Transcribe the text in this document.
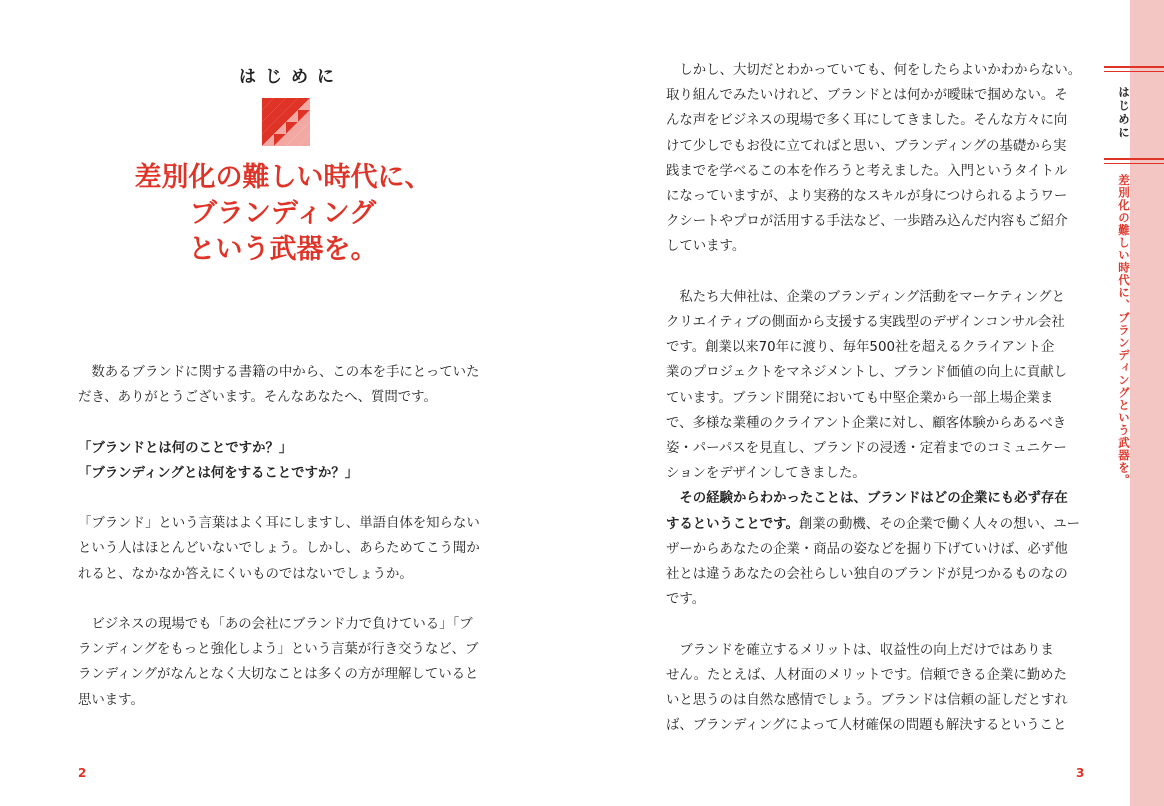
はじめに
差別化の難しい時代に、
ブランディング
という武器を。

　数あるブランドに関する書籍の中から、この本を手にとっていた

だき、ありがとうございます。そんなあなたへ、質問です。

「ブランドとは何のことですか？」

「ブランディングとは何をすることですか？」

「ブランド」という言葉はよく耳にしますし、単語自体を知らない

という人はほとんどいないでしょう。しかし、あらためてこう聞か

れると、なかなか答えにくいものではないでしょうか。

　ビジネスの現場でも「あの会社にブランド力で負けている」「ブ

ランディングをもっと強化しよう」という言葉が行き交うなど、ブ

ランディングがなんとなく大切なことは多くの方が理解していると

思います。

2

　しかし、大切だとわかっていても、何をしたらよいかわからない。

取り組んでみたいけれど、ブランドとは何かが曖昧で掴めない。そ

んな声をビジネスの現場で多く耳にしてきました。そんな方々に向

けて少しでもお役に立てればと思い、ブランディングの基礎から実

践までを学べるこの本を作ろうと考えました。入門というタイトル

になっていますが、より実務的なスキルが身につけられるようワー

クシートやプロが活用する手法など、一歩踏み込んだ内容もご紹介

しています。

　私たち大伸社は、企業のブランディング活動をマーケティングと

クリエイティブの側面から支援する実践型のデザインコンサル会社

です。創業以来70年に渡り、毎年500社を超えるクライアント企

業のプロジェクトをマネジメントし、ブランド価値の向上に貢献し

ています。ブランド開発においても中堅企業から一部上場企業ま

で、多様な業種のクライアント企業に対し、顧客体験からあるべき

姿・パーパスを見直し、ブランドの浸透・定着までのコミュニケー

ションをデザインしてきました。

　その経験からわかったことは、ブランドはどの企業にも必ず存在

するということです。創業の動機、その企業で働く人々の想い、ユー

ザーからあなたの企業・商品の姿などを掘り下げていけば、必ず他

社とは違うあなたの会社らしい独自のブランドが見つかるものなの

です。

　ブランドを確立するメリットは、収益性の向上だけではありま

せん。たとえば、人材面のメリットです。信頼できる企業に勤めた

いと思うのは自然な感情でしょう。ブランドは信頼の証しだとすれ

ば、ブランディングによって人材確保の問題も解決するということ

3
はじめに
差別化の難しい時代に、ブランディングという武器を。
